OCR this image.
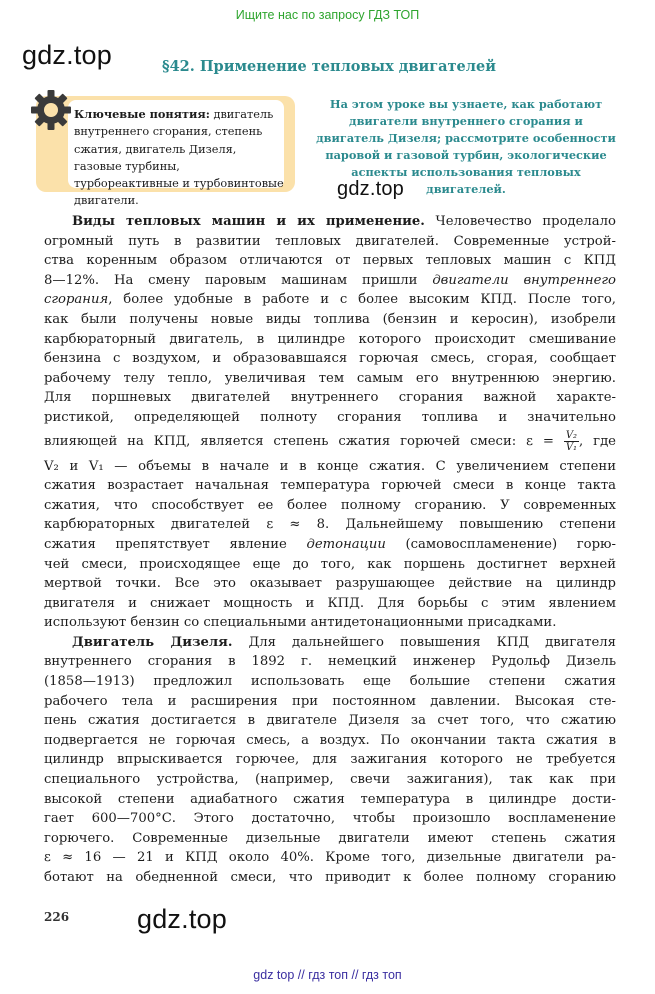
Ищите нас по запросу ГДЗ ТОП
gdz.top
gdz.top
gdz.top
§42. Применение тепловых двигателей
Ключевые понятия: двигатель внутреннего сгорания, степень сжатия, двигатель Дизеля, газовые турбины, турбореактивные и турбовинтовые двигатели.
На этом уроке вы узнаете, как работают двигатели внутреннего сгорания и двигатель Дизеля; рассмотрите особенности паровой и газовой турбин, экологические аспекты использования тепловых двигателей.
Виды тепловых машин и их применение. Человечество проделало
огромный путь в развитии тепловых двигателей. Современные устрой-
ства коренным образом отличаются от первых тепловых машин с КПД
8—12%. На смену паровым машинам пришли двигатели внутреннего
сгорания, более удобные в работе и с более высоким КПД. После того,
как были получены новые виды топлива (бензин и керосин), изобрели
карбюраторный двигатель, в цилиндре которого происходит смешивание
бензина с воздухом, и образовавшаяся горючая смесь, сгорая, сообщает
рабочему телу тепло, увеличивая тем самым его внутреннюю энергию.
Для поршневых двигателей внутреннего сгорания важной характе-
ристикой, определяющей полноту сгорания топлива и значительно
влияющей на КПД, является степень сжатия горючей смеси: $\varepsilon = \frac{\text{V₂}}{\text{V₁}}$ , где
V₂ и V₁ — объемы в начале и в конце сжатия. С увеличением степени
сжатия возрастает начальная температура горючей смеси в конце такта
сжатия, что способствует ее более полному сгоранию. У современных
карбюраторных двигателей ε ≈ 8. Дальнейшему повышению степени
сжатия препятствует явление детонации (самовоспламенение) горю-
чей смеси, происходящее еще до того, как поршень достигнет верхней
мертвой точки. Все это оказывает разрушающее действие на цилиндр
двигателя и снижает мощность и КПД. Для борьбы с этим явлением
используют бензин со специальными антидетонационными присадками.
Двигатель Дизеля. Для дальнейшего повышения КПД двигателя
внутреннего сгорания в 1892 г. немецкий инженер Рудольф Дизель
(1858—1913) предложил использовать еще большие степени сжатия
рабочего тела и расширения при постоянном давлении. Высокая сте-
пень сжатия достигается в двигателе Дизеля за счет того, что сжатию
подвергается не горючая смесь, а воздух. По окончании такта сжатия в
цилиндр впрыскивается горючее, для зажигания которого не требуется
специального устройства, (например, свечи зажигания), так как при
высокой степени адиабатного сжатия температура в цилиндре дости-
гает 600—700°С. Этого достаточно, чтобы произошло воспламенение
горючего. Современные дизельные двигатели имеют степень сжатия
ε ≈ 16 — 21 и КПД около 40%. Кроме того, дизельные двигатели ра-
ботают на обедненной смеси, что приводит к более полному сгоранию
226
gdz top // гдз топ // гдз топ
